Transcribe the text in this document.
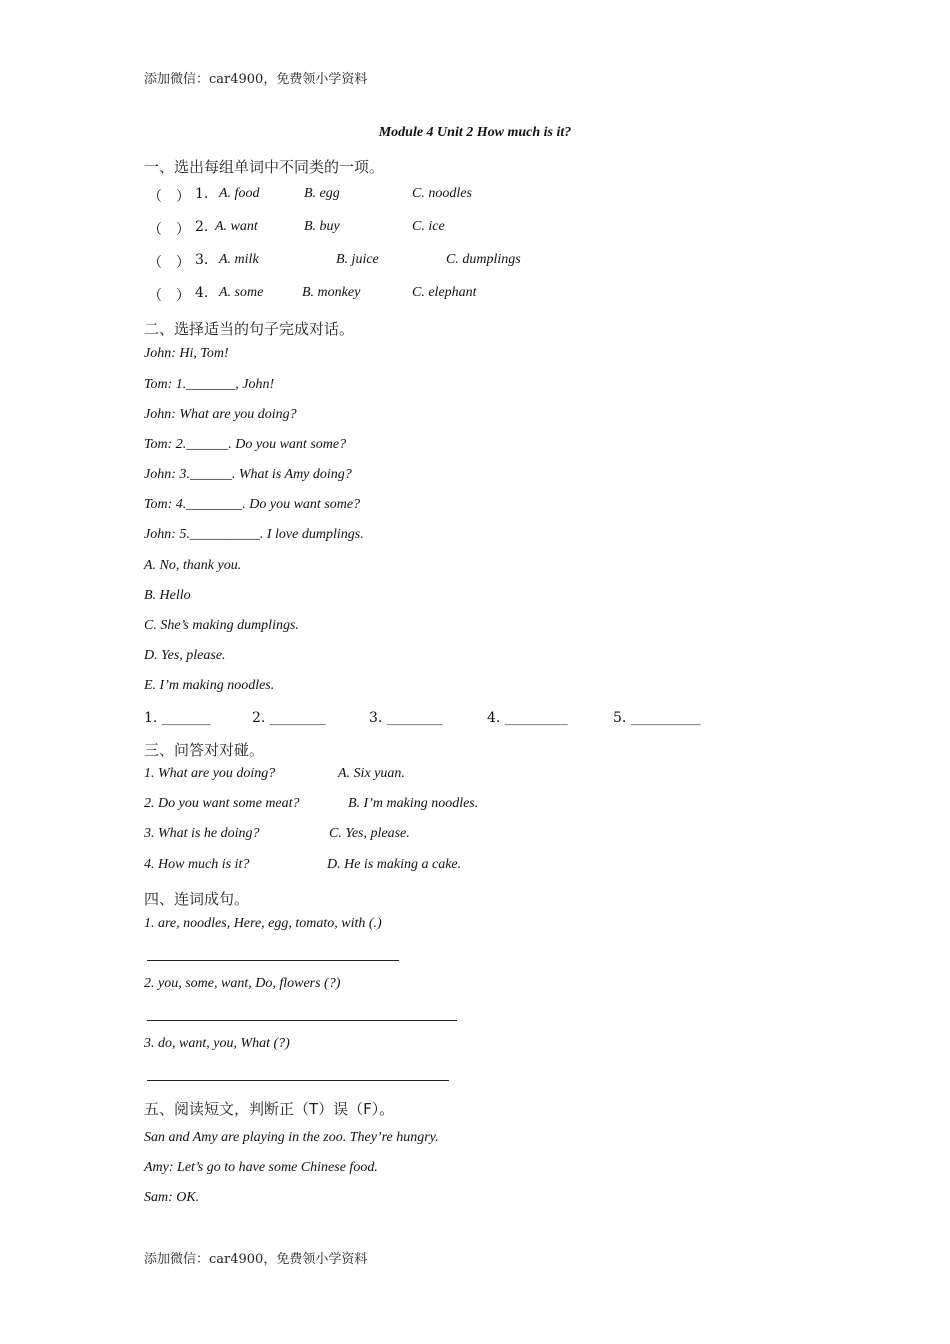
添加微信：car4900，免费领小学资料
Module 4 Unit 2 How much is it?
一、选出每组单词中不同类的一项。
（　） 1. A. food	B. egg	C. noodles
（　） 2. A. want	B. buy	C. ice
（　） 3. A. milk	B. juice	C. dumplings
（　） 4. A. some	B. monkey	C. elephant
二、选择适当的句子完成对话。
John: Hi, Tom!
Tom: 1._______, John!
John: What are you doing?
Tom: 2.______. Do you want some?
John: 3.______. What is Amy doing?
Tom: 4.________. Do you want some?
John: 5.__________. I love dumplings.
A. No, thank you.
B. Hello
C. She’s making dumplings.
D. Yes, please.
E. I’m making noodles.
1. _______	2. ________	3. ________	4. _________	5. __________
三、问答对对碰。
1. What are you doing?	A. Six yuan.
2. Do you want some meat?	B. I’m making noodles.
3. What is he doing?	C. Yes, please.
4. How much is it?	D. He is making a cake.
四、连词成句。
1. are, noodles, Here, egg, tomato, with (.)
2. you, some, want, Do, flowers (?)
3. do, want, you, What (?)
五、阅读短文，判断正（T）误（F）。
San and Amy are playing in the zoo. They’re hungry.
Amy: Let’s go to have some Chinese food.
Sam: OK.
添加微信：car4900，免费领小学资料
